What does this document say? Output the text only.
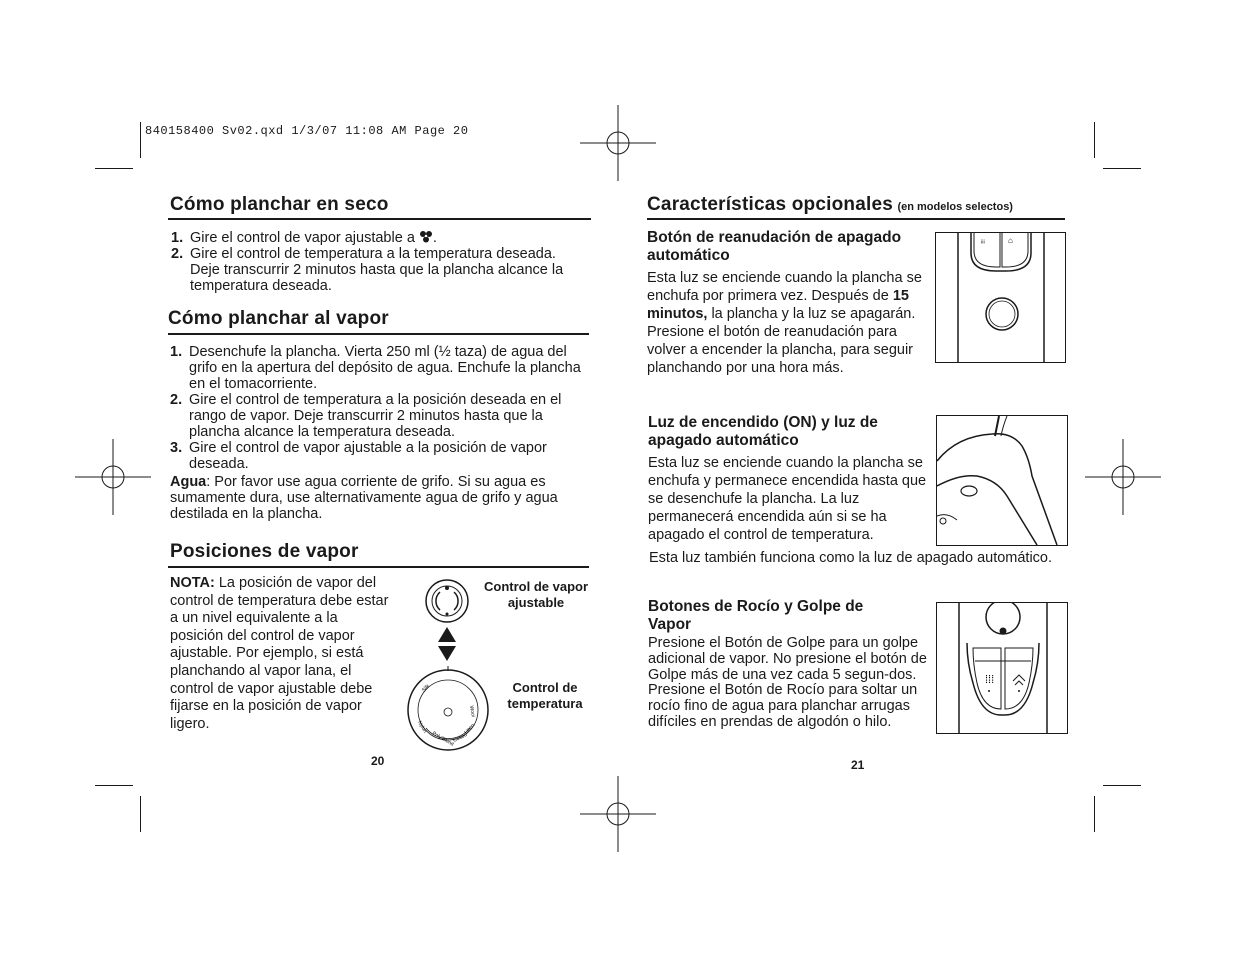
840158400 Sv02.qxd 1/3/07 11:08 AM Page 20
Cómo planchar en seco
1. Gire el control de vapor ajustable a .
2. Gire el control de temperatura a la temperatura deseada. Deje transcurrir 2 minutos hasta que la plancha alcance la temperatura deseada.
Cómo planchar al vapor
1. Desenchufe la plancha. Vierta 250 ml (½ taza) de agua del grifo en la apertura del depósito de agua. Enchufe la plancha en el tomacorriente.
2. Gire el control de temperatura a la posición deseada en el rango de vapor. Deje transcurrir 2 minutos hasta que la plancha alcance la temperatura deseada.
3. Gire el control de vapor ajustable a la posición de vapor deseada.

Agua: Por favor use agua corriente de grifo. Si su agua es sumamente dura, use alternativamente agua de grifo y agua destilada en la plancha.

Posiciones de vapor

NOTA: La posición de vapor del control de temperatura debe estar a un nivel equivalente a la posición del control de vapor ajustable. Por ejemplo, si está planchando al vapor lana, el control de vapor ajustable debe fijarse en la posición de vapor ligero.

Control de vapor ajustable
Wool
Silk
Nylon
Poly/Blend
Cotton
Linen
Control de temperatura
20
Características opcionales (en modelos selectos)
Botón de reanudación de apagado automático

Esta luz se enciende cuando la plancha se enchufa por primera vez. Después de 15 minutos, la plancha y la luz se apagarán. Presione el botón de reanudación para volver a encender la plancha, para seguir planchando por una hora más.

ᵢᵢᵢ	⌂
Luz de encendido (ON) y luz de apagado automático
Esta luz se enciende cuando la plancha se enchufa y permanece encendida hasta que se desenchufe la plancha. La luz permanecerá encendida aún si se ha apagado el control de temperatura.
Esta luz también funciona como la luz de apagado automático.
Botones de Rocío y Golpe de Vapor
Presione el Botón de Golpe para un golpe adicional de vapor. No presione el botón de Golpe más de una vez cada 5 segun-dos. Presione el Botón de Rocío para soltar un rocío fino de agua para planchar arrugas difíciles en prendas de algodón o hilo.
⁞⁞⁞
21
